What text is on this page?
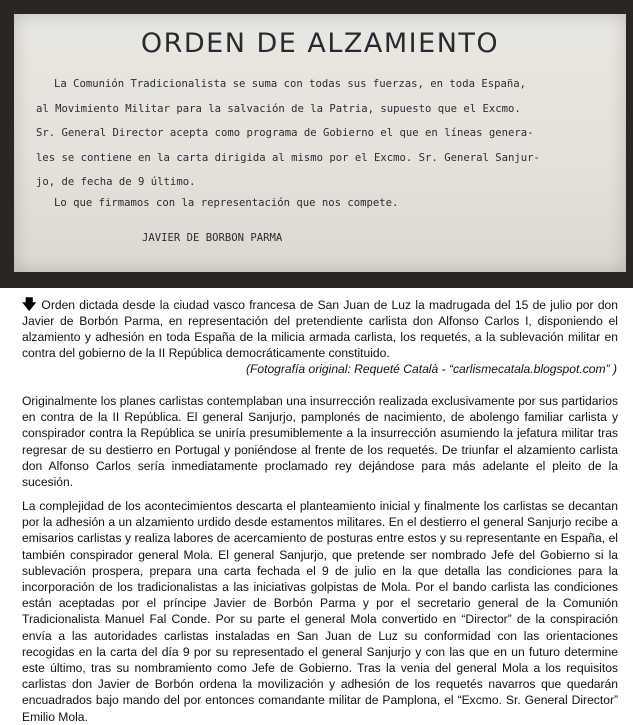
ORDEN DE ALZAMIENTO
La Comunión Tradicionalista se suma con todas sus fuerzas, en toda España,
al Movimiento Militar para la salvación de la Patria, supuesto que el Excmo.
Sr. General Director acepta como programa de Gobierno el que en líneas genera-
les se contiene en la carta dirigida al mismo por el Excmo. Sr. General Sanjur-
jo, de fecha de 9 último.
Lo que firmamos con la representación que nos compete.
JAVIER DE BORBON PARMA
🡇 Orden dictada desde la ciudad vasco francesa de San Juan de Luz la madrugada del 15 de julio por don Javier de Borbón Parma, en representación del pretendiente carlista don Alfonso Carlos I, disponiendo el alzamiento y adhesión en toda España de la milicia armada carlista, los requetés, a la sublevación militar en contra del gobierno de la II República democráticamente constituido.
(Fotografía original: Requeté Català - “carlismecatala.blogspot.com” )

Originalmente los planes carlistas contemplaban una insurrección realizada exclusivamente por sus partidarios en contra de la II República. El general Sanjurjo, pamplonés de nacimiento, de abolengo familiar carlista y conspirador contra la República se uniría presumiblemente a la insurrección asumiendo la jefatura militar tras regresar de su destierro en Portugal y poniéndose al frente de los requetés. De triunfar el alzamiento carlista don Alfonso Carlos sería inmediatamente proclamado rey dejándose para más adelante el pleito de la sucesión.

La complejidad de los acontecimientos descarta el planteamiento inicial y finalmente los carlistas se decantan por la adhesión a un alzamiento urdido desde estamentos militares. En el destierro el general Sanjurjo recibe a emisarios carlistas y realiza labores de acercamiento de posturas entre estos y su representante en España, el también conspirador general Mola. El general Sanjurjo, que pretende ser nombrado Jefe del Gobierno si la sublevación prospera, prepara una carta fechada el 9 de julio en la que detalla las condiciones para la incorporación de los tradicionalistas a las iniciativas golpistas de Mola. Por el bando carlista las condiciones están aceptadas por el príncipe Javier de Borbón Parma y por el secretario general de la Comunión Tradicionalista Manuel Fal Conde. Por su parte el general Mola convertido en “Director” de la conspiración envía a las autoridades carlistas instaladas en San Juan de Luz su conformidad con las orientaciones recogidas en la carta del día 9 por su representado el general Sanjurjo y con las que en un futuro determine este último, tras su nombramiento como Jefe de Gobierno. Tras la venia del general Mola a los requisitos carlistas don Javier de Borbón ordena la movilización y adhesión de los requetés navarros que quedarán encuadrados bajo mando del por entonces comandante militar de Pamplona, el “Excmo. Sr. General Director” Emilio Mola.
